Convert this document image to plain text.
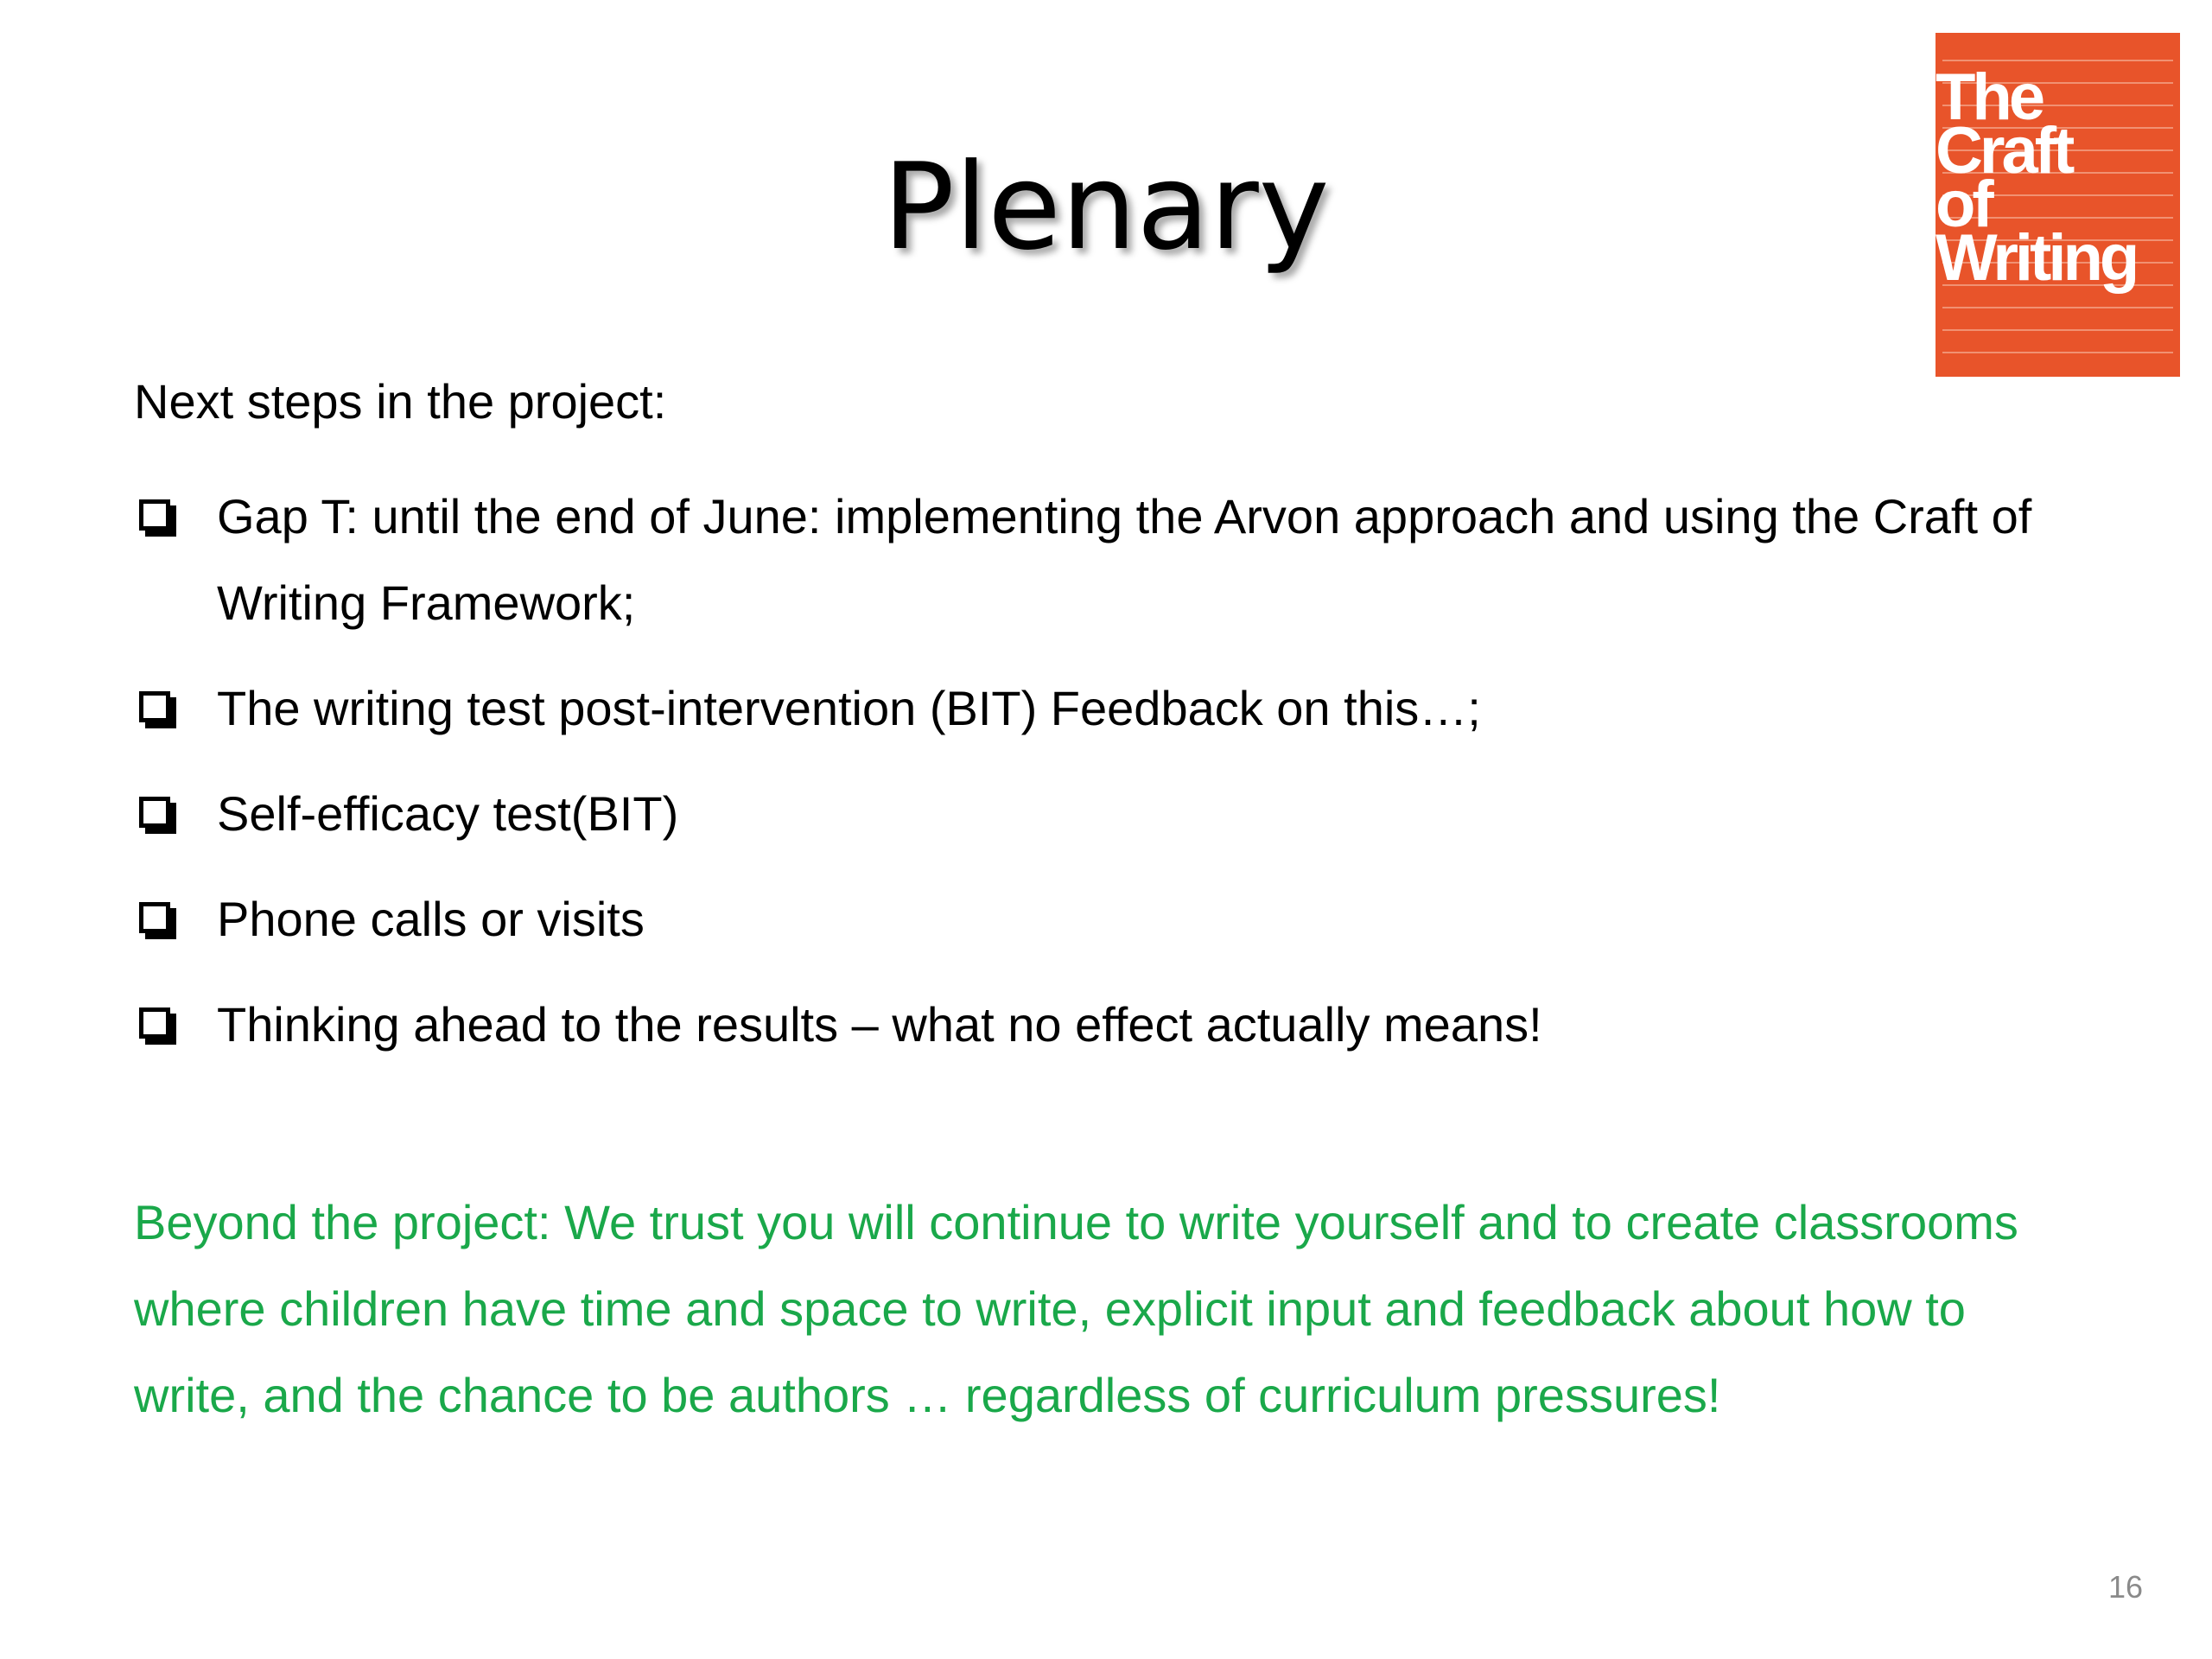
Plenary
The
Craft
of
Writing
Next steps in the project:
Gap T: until the end of June: implementing the Arvon approach and using the Craft of Writing Framework;
The writing test post-intervention (BIT) Feedback on this…;
Self-efficacy test(BIT)
Phone calls or visits
Thinking ahead to the results – what no effect actually means!
Beyond the project: We trust you will continue to write yourself and to create classrooms where children have time and space to write, explicit input and feedback about how to write, and the chance to be authors … regardless of curriculum pressures!
16
